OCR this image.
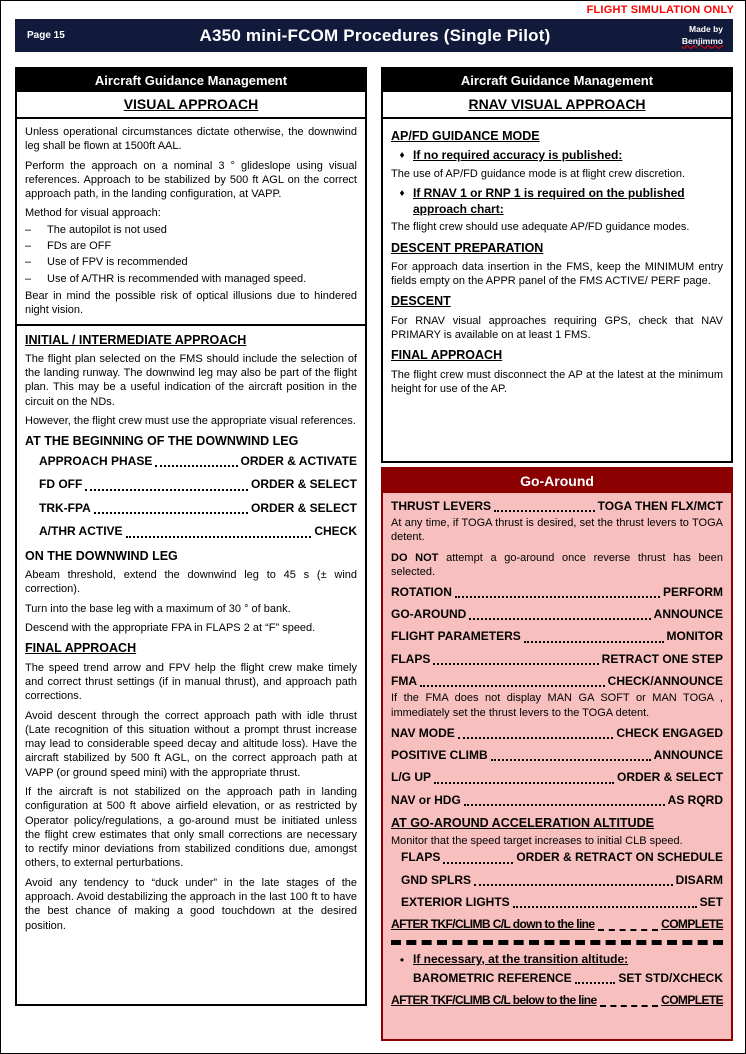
FLIGHT SIMULATION ONLY
Page 15	A350 mini-FCOM Procedures (Single Pilot)	Made by
Benjimmo
Aircraft Guidance Management
VISUAL APPROACH

Unless operational circumstances dictate otherwise, the downwind leg shall be flown at 1500ft AAL.

Perform the approach on a nominal 3 ° glideslope using visual references. Approach to be stabilized by 500 ft AGL on the correct approach path, in the landing configuration, at VAPP.

Method for visual approach:

–	The autopilot is not used
–	FDs are OFF
–	Use of FPV is recommended
–	Use of A/THR is recommended with managed speed.

Bear in mind the possible risk of optical illusions due to hindered night vision.

INITIAL / INTERMEDIATE APPROACH

The flight plan selected on the FMS should include the selection of the landing runway. The downwind leg may also be part of the flight plan. This may be a useful indication of the aircraft position in the circuit on the NDs.

However, the flight crew must use the appropriate visual references.

AT THE BEGINNING OF THE DOWNWIND LEG
APPROACH PHASE	ORDER & ACTIVATE
FD OFF	ORDER & SELECT
TRK-FPA	ORDER & SELECT
A/THR ACTIVE	CHECK
ON THE DOWNWIND LEG

Abeam threshold, extend the downwind leg to 45 s (± wind correction).

Turn into the base leg with a maximum of 30 ° of bank.

Descend with the appropriate FPA in FLAPS 2 at “F” speed.

FINAL APPROACH

The speed trend arrow and FPV help the flight crew make timely and correct thrust settings (if in manual thrust), and approach path corrections.

Avoid descent through the correct approach path with idle thrust (Late recognition of this situation without a prompt thrust increase may lead to considerable speed decay and altitude loss). Have the aircraft stabilized by 500 ft AGL, on the correct approach path at VAPP (or ground speed mini) with the appropriate thrust.

If the aircraft is not stabilized on the approach path in landing configuration at 500 ft above airfield elevation, or as restricted by Operator policy/regulations, a go-around must be initiated unless the flight crew estimates that only small corrections are necessary to rectify minor deviations from stabilized conditions due, amongst others, to external perturbations.

Avoid any tendency to “duck under” in the late stages of the approach. Avoid destabilizing the approach in the last 100 ft to have the best chance of making a good touchdown at the desired position.

Aircraft Guidance Management
RNAV VISUAL APPROACH
AP/FD GUIDANCE MODE
♦ If no required accuracy is published:

The use of AP/FD guidance mode is at flight crew discretion.

♦ If RNAV 1 or RNP 1 is required on the published approach chart:

The flight crew should use adequate AP/FD guidance modes.

DESCENT PREPARATION

For approach data insertion in the FMS, keep the MINIMUM entry fields empty on the APPR panel of the FMS ACTIVE/ PERF page.

DESCENT

For RNAV visual approaches requiring GPS, check that NAV PRIMARY is available on at least 1 FMS.

FINAL APPROACH

The flight crew must disconnect the AP at the latest at the minimum height for use of the AP.

Go-Around
THRUST LEVERS	TOGA THEN FLX/MCT

At any time, if TOGA thrust is desired, set the thrust levers to TOGA detent.

DO NOT attempt a go-around once reverse thrust has been selected.

ROTATION	PERFORM
GO-AROUND	ANNOUNCE
FLIGHT PARAMETERS	MONITOR
FLAPS	RETRACT ONE STEP
FMA	CHECK/ANNOUNCE

If the FMA does not display MAN GA SOFT or MAN TOGA , immediately set the thrust levers to the TOGA detent.

NAV MODE	CHECK ENGAGED
POSITIVE CLIMB	ANNOUNCE
L/G UP	ORDER & SELECT
NAV or HDG	AS RQRD
AT GO-AROUND ACCELERATION ALTITUDE

Monitor that the speed target increases to initial CLB speed.

FLAPS	ORDER & RETRACT ON SCHEDULE
GND SPLRS	DISARM
EXTERIOR LIGHTS	SET
AFTER TKF/CLIMB C/L down to the line	COMPLETE
• If necessary, at the transition altitude:
BAROMETRIC REFERENCE	SET STD/XCHECK
AFTER TKF/CLIMB C/L below to the line	COMPLETE
